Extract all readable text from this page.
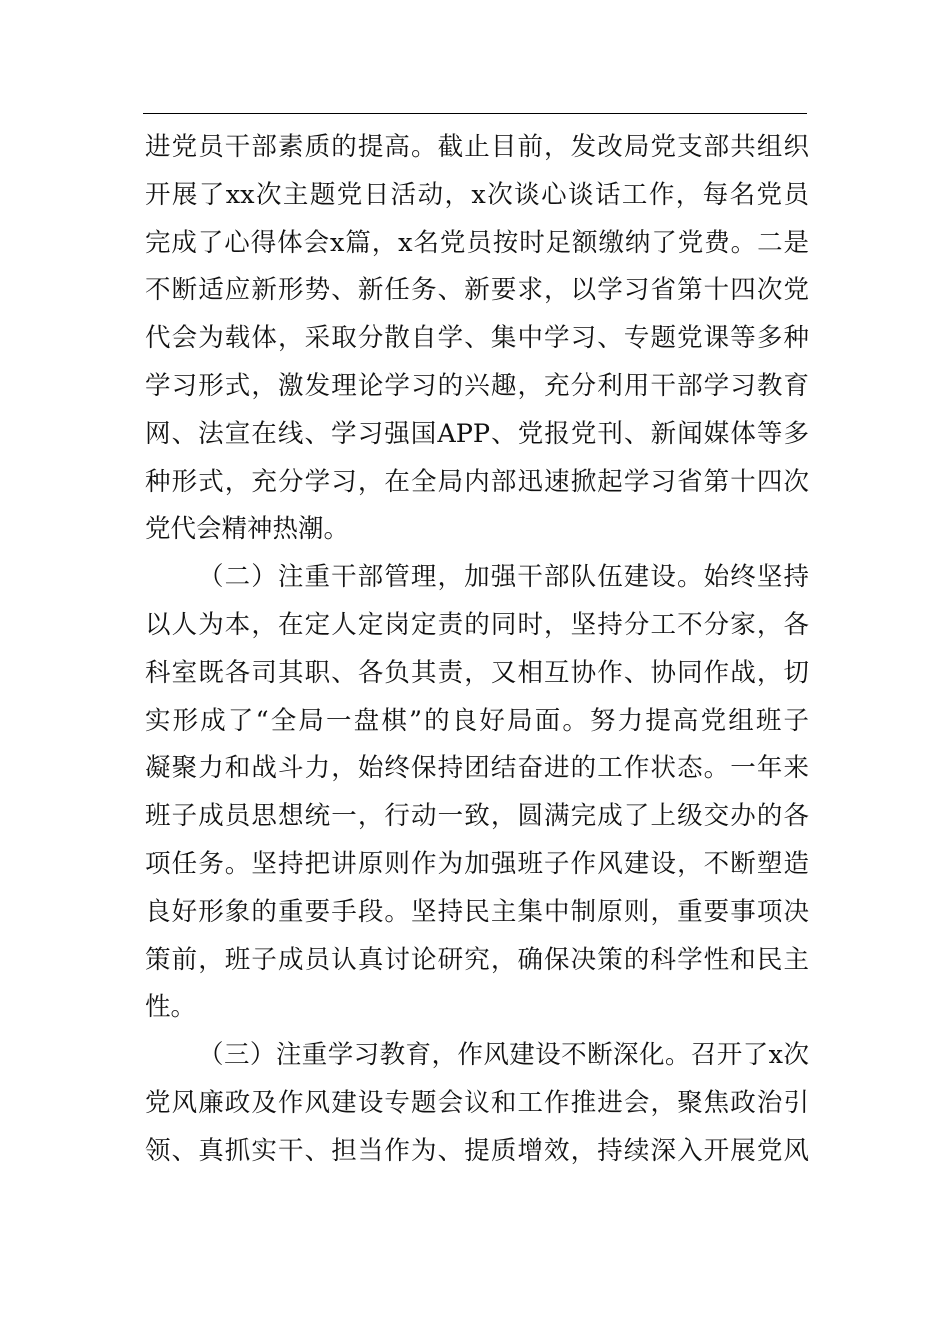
进党员干部素质的提高。截止目前，发改局党支部共组织
开展了xx次主题党日活动，x次谈心谈话工作，每名党员
完成了心得体会x篇，x名党员按时足额缴纳了党费。二是
不断适应新形势、新任务、新要求，以学习省第十四次党
代会为载体，采取分散自学、集中学习、专题党课等多种
学习形式，激发理论学习的兴趣，充分利用干部学习教育
网、法宣在线、学习强国APP、党报党刊、新闻媒体等多
种形式，充分学习，在全局内部迅速掀起学习省第十四次
党代会精神热潮。
（二）注重干部管理，加强干部队伍建设。始终坚持
以人为本，在定人定岗定责的同时，坚持分工不分家，各
科室既各司其职、各负其责，又相互协作、协同作战，切
实形成了“全局一盘棋”的良好局面。努力提高党组班子
凝聚力和战斗力，始终保持团结奋进的工作状态。一年来
班子成员思想统一，行动一致，圆满完成了上级交办的各
项任务。坚持把讲原则作为加强班子作风建设，不断塑造
良好形象的重要手段。坚持民主集中制原则，重要事项决
策前，班子成员认真讨论研究，确保决策的科学性和民主
性。
（三）注重学习教育，作风建设不断深化。召开了x次
党风廉政及作风建设专题会议和工作推进会，聚焦政治引
领、真抓实干、担当作为、提质增效，持续深入开展党风
